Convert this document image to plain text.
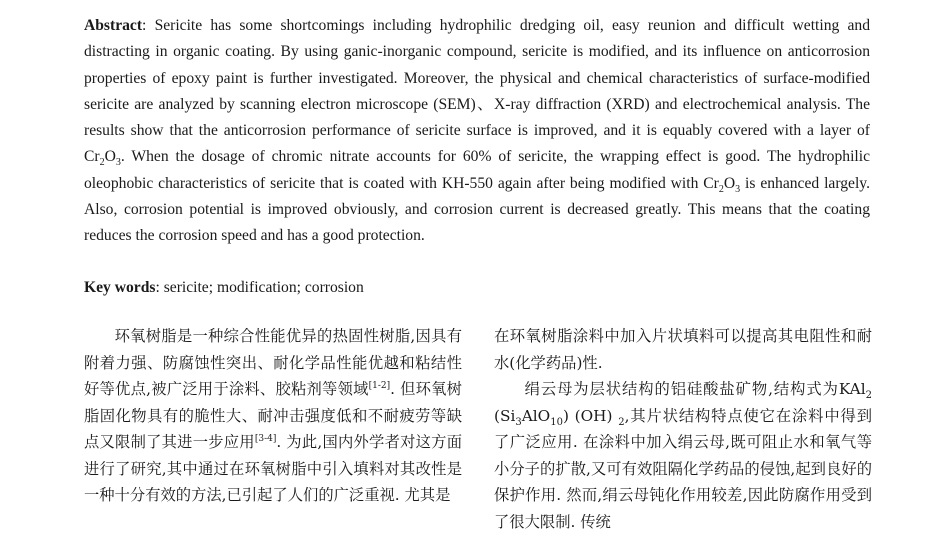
Abstract: Sericite has some shortcomings including hydrophilic dredging oil, easy reunion and difficult wetting and distracting in organic coating. By using ganic-inorganic compound, sericite is modified, and its influence on anticorrosion properties of epoxy paint is further investigated. Moreover, the physical and chemical characteristics of surface-modified sericite are analyzed by scanning electron microscope (SEM)、X-ray diffraction (XRD) and electrochemical analysis. The results show that the anticorrosion performance of sericite surface is improved, and it is equably covered with a layer of $Cr_2O_3$. When the dosage of chromic nitrate accounts for 60% of sericite, the wrapping effect is good. The hydrophilic oleophobic characteristics of sericite that is coated with KH-550 again after being modified with $Cr_2O_3$ is enhanced largely. Also, corrosion potential is improved obviously, and corrosion current is decreased greatly. This means that the coating reduces the corrosion speed and has a good protection.
Key words: sericite; modification; corrosion

环氧树脂是一种综合性能优异的热固性树脂,因具有附着力强、防腐蚀性突出、耐化学品性能优越和粘结性好等优点,被广泛用于涂料、胶粘剂等领域[1-2]. 但环氧树脂固化物具有的脆性大、耐冲击强度低和不耐疲劳等缺点又限制了其进一步应用[3-4]. 为此,国内外学者对这方面进行了研究,其中通过在环氧树脂中引入填料对其改性是一种十分有效的方法,已引起了人们的广泛重视. 尤其是

在环氧树脂涂料中加入片状填料可以提高其电阻性和耐水(化学药品)性.

绢云母为层状结构的铝硅酸盐矿物,结构式为KAl$_2$ $(Si_3AlO_{10})$ (OH) $_2$,其片状结构特点使它在涂料中得到了广泛应用. 在涂料中加入绢云母,既可阻止水和氧气等小分子的扩散,又可有效阻隔化学药品的侵蚀,起到良好的保护作用. 然而,绢云母钝化作用较差,因此防腐作用受到了很大限制. 传统
